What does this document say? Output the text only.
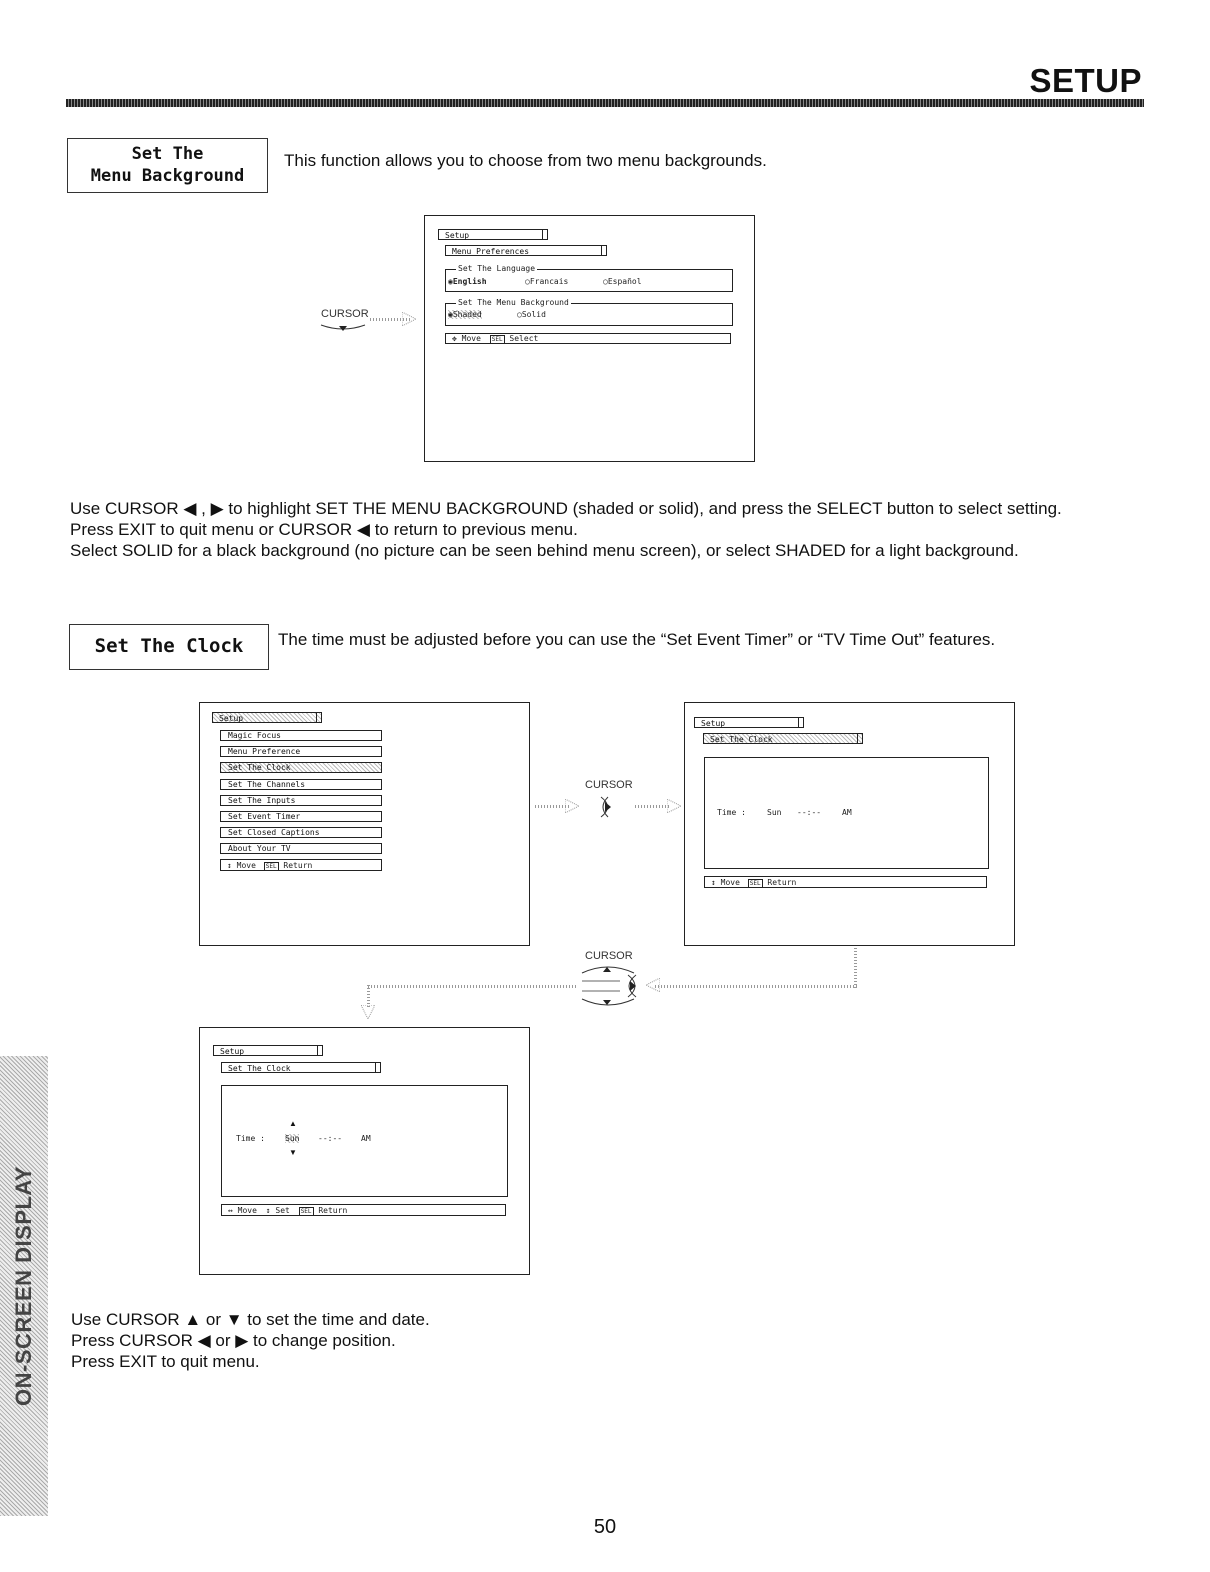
SETUP
Set The
Menu Background
This function allows you to choose from two menu backgrounds.
CURSOR
Setup
Menu Preferences
Set The Language
◉ English ○	Francais ○	Español
Set The Menu Background
◉ Shaded ○	Solid
✥ Move SEL Select
Use CURSOR ◀ , ▶ to highlight SET THE MENU BACKGROUND (shaded or solid), and press the SELECT button to select setting.
Press EXIT to quit menu or CURSOR ◀ to return to previous menu.
Select SOLID for a black background (no picture can be seen behind menu screen), or select SHADED for a light background.
Set The Clock	The time must be adjusted before you can use the “Set Event Timer” or “TV Time Out” features.
Setup
Magic Focus
Menu Preference
Set The Clock
Set The Channels
Set The Inputs
Set Event Timer
Set Closed Captions
About Your TV
↕ Move SEL Return
CURSOR
Setup
Set The Clock
Time :	Sun --:--	AM
↕ Move SEL Return
CURSOR
Setup
Set The Clock
Time :
▲
Sun
▼
--:-- AM
↔ Move ↕ Set SEL Return
Use CURSOR ▲ or ▼ to set the time and date.
Press CURSOR ◀ or ▶ to change position.
Press EXIT to quit menu.
ON-SCREEN DISPLAY
50
